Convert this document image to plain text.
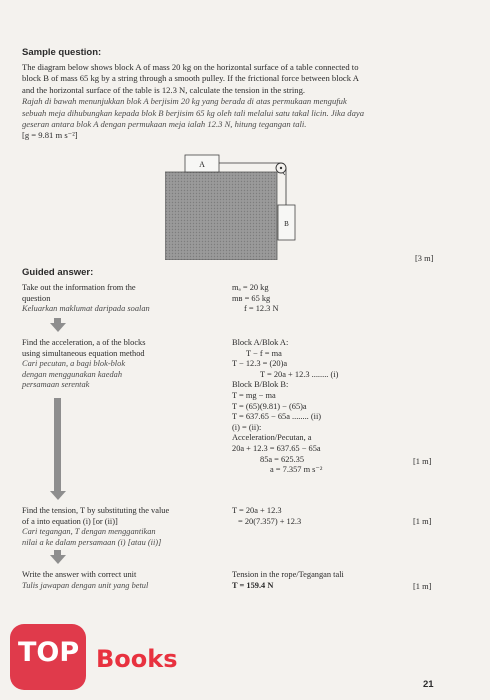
Sample question:
The diagram below shows block A of mass 20 kg on the horizontal surface of a table connected to
block B of mass 65 kg by a string through a smooth pulley. If the frictional force between block A
and the horizontal surface of the table is 12.3 N, calculate the tension in the string.
Rajah di bawah menunjukkan blok A berjisim 20 kg yang berada di atas permukaan mengufuk
sebuah meja dihubungkan kepada blok B berjisim 65 kg oleh tali melalui satu takal licin. Jika daya
geseran antara blok A dengan permukaan meja ialah 12.3 N, hitung tegangan tali.
[g = 9.81 m s⁻²]
A
B
[3 m]
Guided answer:
Take out the information from the
question
Keluarkan maklumat daripada soalan
mₐ = 20 kg
mʙ = 65 kg
f = 12.3 N
Find the acceleration, a of the blocks
using simultaneous equation method
Cari pecutan, a bagi blok-blok
dengan menggunakan kaedah
persamaan serentak
Block A/Blok A:
T − f = ma
T − 12.3 = (20)a
T = 20a + 12.3 ........ (i)
Block B/Blok B:
T = mg − ma
T = (65)(9.81) − (65)a
T = 637.65 − 65a ........ (ii)
(i) = (ii):
Acceleration/Pecutan, a
20a + 12.3 = 637.65 − 65a
85a = 625.35
a = 7.357 m s⁻²
[1 m]
Find the tension, T by substituting the value
of a into equation (i) [or (ii)]
Cari tegangan, T dengan menggantikan
nilai a ke dalam persamaan (i) [atau (ii)]
T = 20a + 12.3
= 20(7.357) + 12.3	[1 m]
Write the answer with correct unit
Tulis jawapan dengan unit yang betul
Tension in the rope/Tegangan tali
T = 159.4 N	[1 m]
TOP Books
21
